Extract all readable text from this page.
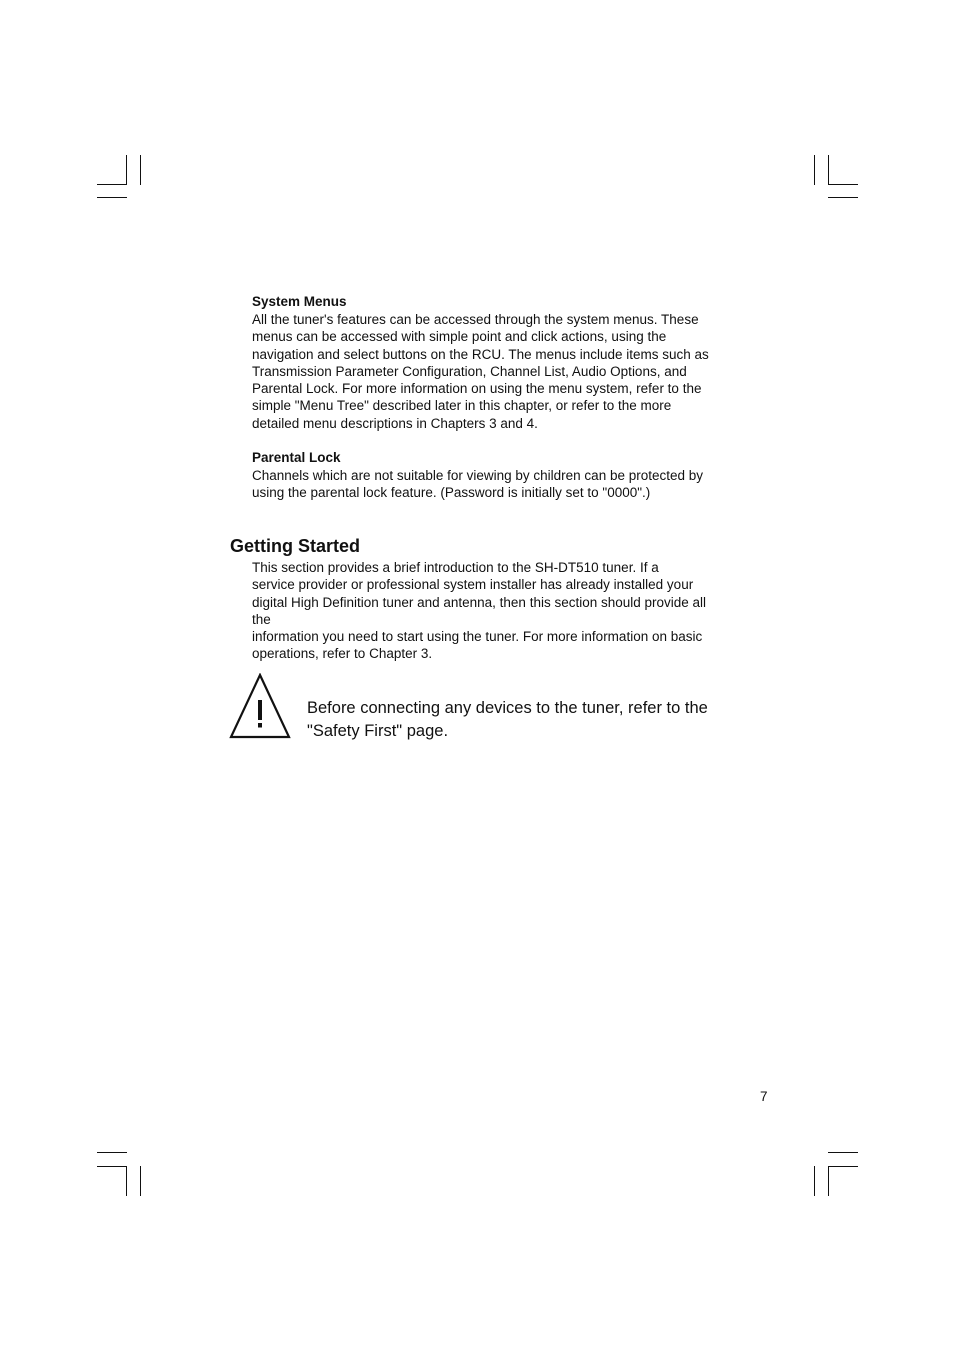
System Menus

All the tuner's features can be accessed through the system menus. These
menus can be accessed with simple point and click actions, using the
navigation and select buttons on the RCU. The menus include items such as
Transmission Parameter Configuration, Channel List, Audio Options, and
Parental Lock. For more information on using the menu system, refer to the
simple "Menu Tree" described later in this chapter, or refer to the more
detailed menu descriptions in Chapters 3 and 4.

Parental Lock

Channels which are not suitable for viewing by children can be protected by
using the parental lock feature. (Password is initially set to "0000".)

Getting Started

This section provides a brief introduction to the SH-DT510 tuner. If a
service provider or professional system installer has already installed your
digital High Definition tuner and antenna, then this section should provide all
the
information you need to start using the tuner. For more information on basic
operations, refer to Chapter 3.

Before connecting any devices to the tuner, refer to the
"Safety First" page.

7
